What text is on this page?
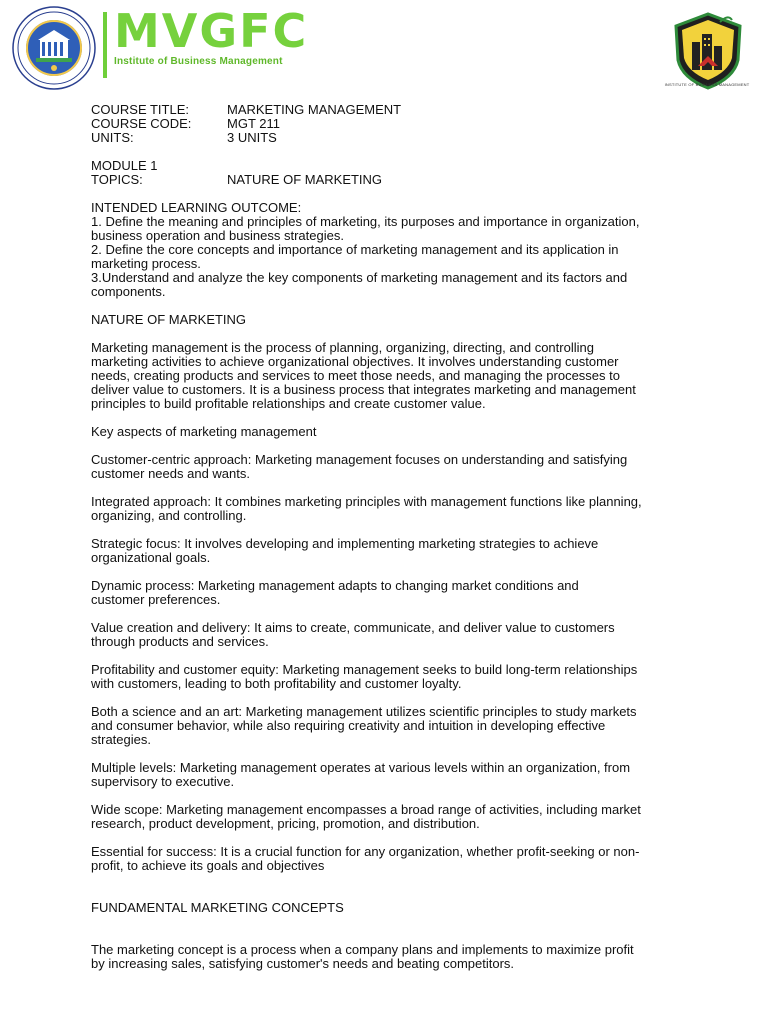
MVGFC
Institute of Business Management
INSTITUTE OF BUSINESS MANAGEMENT
COURSE TITLE:	MARKETING MANAGEMENT
COURSE CODE:	MGT 211
UNITS:	3 UNITS
MODULE 1
TOPICS:	NATURE OF MARKETING
INTENDED LEARNING OUTCOME:
1. Define the meaning and principles of marketing, its purposes and importance in organization,
business operation and business strategies.
2. Define the core concepts and importance of marketing management and its application in
marketing process.
3.Understand and analyze the key components of marketing management and its factors and
components.
NATURE OF MARKETING
Marketing management is the process of planning, organizing, directing, and controlling
marketing activities to achieve organizational objectives. It involves understanding customer
needs, creating products and services to meet those needs, and managing the processes to
deliver value to customers. It is a business process that integrates marketing and management
principles to build profitable relationships and create customer value.
Key aspects of marketing management
Customer-centric approach: Marketing management focuses on understanding and satisfying
customer needs and wants.
Integrated approach: It combines marketing principles with management functions like planning,
organizing, and controlling.
Strategic focus: It involves developing and implementing marketing strategies to achieve
organizational goals.
Dynamic process: Marketing management adapts to changing market conditions and
customer preferences.
Value creation and delivery: It aims to create, communicate, and deliver value to customers
through products and services.
Profitability and customer equity: Marketing management seeks to build long-term relationships
with customers, leading to both profitability and customer loyalty.
Both a science and an art: Marketing management utilizes scientific principles to study markets
and consumer behavior, while also requiring creativity and intuition in developing effective
strategies.
Multiple levels: Marketing management operates at various levels within an organization, from
supervisory to executive.
Wide scope: Marketing management encompasses a broad range of activities, including market
research, product development, pricing, promotion, and distribution.
Essential for success: It is a crucial function for any organization, whether profit-seeking or non-
profit, to achieve its goals and objectives
FUNDAMENTAL MARKETING CONCEPTS
The marketing concept is a process when a company plans and implements to maximize profit
by increasing sales, satisfying customer's needs and beating competitors.
